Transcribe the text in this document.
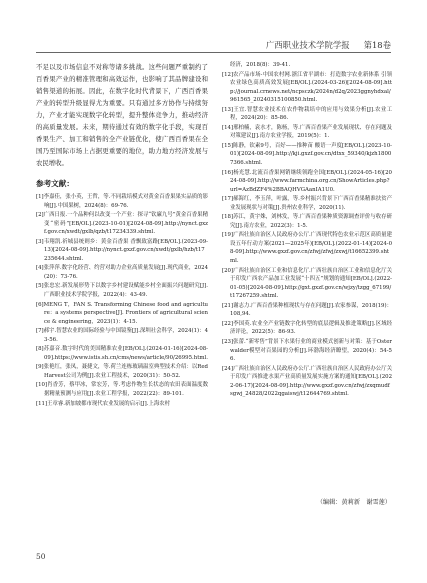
广西职业技术学院学报 第18卷

不足以及市场信息不对称等诸多挑战。这些问题严重制约了百香果产业的精准管理和高效运作，也影响了其品牌建设和销售渠道的拓展。因此，在数字化时代背景下，广西百香果产业的转型升级显得尤为重要。只有通过多方协作与持续努力，产业才能实现数字化转型，提升整体竞争力，推动经济的高质量发展。未来，期待通过有效的数字化手段，实现百香果生产、加工和销售的全产业链优化，使广西百香果在全国乃至国际市场上占据更重要的地位，助力地方经济发展与农民增收。

参考文献：
[1]李嘉佳，张小英，王哲，等.不同栽培模式对黄金百香果果实品质的影响[J].中国果树，2024(8)：69-76.
[2]广西日报.一个品种何以改变一个产业：探寻“钦廉九号”黄金百香果精变“密码”[EB/OL].(2023-10-01)[2024-08-09].http://nynct.gxzf.gov.cn/xwdt/gxlb/qzb/t17234339.shtml.
[3]韦翔凯.祈城县统则乡：黄金百香果 香飘致富路[EB/OL].(2023-09-13)[2024-08-09].http://nynct.gxzf.gov.cn/xwdt/gxlb/hzb/t17235644.shtml.
[4]张萍萍.数字化经营、约营对助力企业高质量发展[J].现代商业，2024(20)：73-76.
[5]张忠宏.新发展形势下以数字乡村建设赋能乡村全面振兴问题研究[J].广西职业技术学院学报，2022(4)：43-49.
[6]MENG T，FAN S. Transforming Chinese food and agriculture：a systems perspective[J]. Frontiers of agricultural science & engineering，2023(1)：4-15.
[7]郝宇.智慧农业的国际经验与中国镜鉴[J].深圳社会科学，2024(1)：43-56.
[8]苏嘉音.数字时代的美国精准农业[EB/OL].(2024-01-16)[2024-08-09].https://www.istis.sh.cn/cms/news/article/90/26995.html.
[9]张艳红，张凤，聂捷文，等.荷兰连栋玻璃温室典型技术介绍：以Red Harvest公司为例[J].农业工程技术，2020(31)：50-52.
[10]肖香芳，蔡甲冰，常宏芳，等.考虑作物生长状态的农田表面温度数据精量预测与应用[J].农业工程学报，2022(22)：89-101.
[11]王章睿.新加坡都市现代农业发展的启示[J].上海农村
经济，2018(8)：39-41.
[12]农产品市场-中国农村网.浙江省平湖市：打造数字农业新体系 引领农业绿色高质高效发展[EB/OL].(2024-03-26)[2024-08-09].http://journal.crnews.net/ncpsczk/2024n/d2q/2023ggnyhdxal/961565_20240315100850.html.
[13]王宜.智慧农业技术在农作物栽培中的应用与效果分析[J].农业工程，2024(20)：85-86.
[14]邢柏楠，袁水才，陈杨，等.广西百香果产业发展现状、存在问题及对策建议[J].南方农业学报，2019(5)：1.
[15]陈静，钦素9号，百好——推种苗 酸语一声度[EB/OL].(2023-10-01)[2024-08-09].http://kji.gxzf.gov.cn/dtxx_59340/kjzh18007366.shtml.
[16]杨光慧.北流百香果网销继续领跑全国[EB/OL].(2024-05-16)[2024-08-09].http://www.farmchina.org.cn/ShowArticles.php?url=AzBdZF4%2BBAQHVGAanIA1U0.
[17]郝海红，李玉萍，叶露，等.乡村振兴背景下广西百香果精准扶贫产业发展现状与对策[J].贵州农业科学，2020(11).
[18]苏江，黄宇姝，刘林发，等.广西百香果种质资源调查评价与收存研究[J].南方农业，2022(3)：1-5.
[19]广西壮族自治区人民政府办公厅.广西现代特色农业示范区高质量建设五年行动方案(2021—2025年)[EB/OL].(2022-01-14)[2024-08-09].http://www.gxzf.gov.cn/zfwj/zfwj/zxwj/t16652399.shtml.
[20]广西壮族自治区工业和信息化厅.广西壮族自治区工业和信息化厅关于印发广西农产品加工业发展“十四五”规划的通知[EB/OL].(2022-01-05)[2024-08-09].http://gxt.gxzf.gov.cn/wjzy/tzgg_67199/ t17267259.shtml.
[21]谢志力.广西百香果种植现状与存在问题[J].农家参谋，2018(19)：108,94.
[22]李国英.农业全产业链数字化转型的底层逻辑及推进策略[J].区域经济评论，2022(5)：86-93.
[23]张蕾.“新零售”背景下水果行业的商业模式创新与对策：基于Osterwalder模型对百果园的分析[J].环渤海经济瞭望，2020(4)：54-56.
[24]广西壮族自治区人民政府办公厅.广西壮族自治区人民政府办公厅关于印发广西推进水果产业高质量发展实施方案的通知[EB/OL].(2022-06-17)[2024-08-09].http://www.gxzf.gov.cn/zfwj/zxqmudfsgwj_24828/2022qgaiswj/t12644769.shtml.
（编辑：黄莉新　谢雪莲）
50
